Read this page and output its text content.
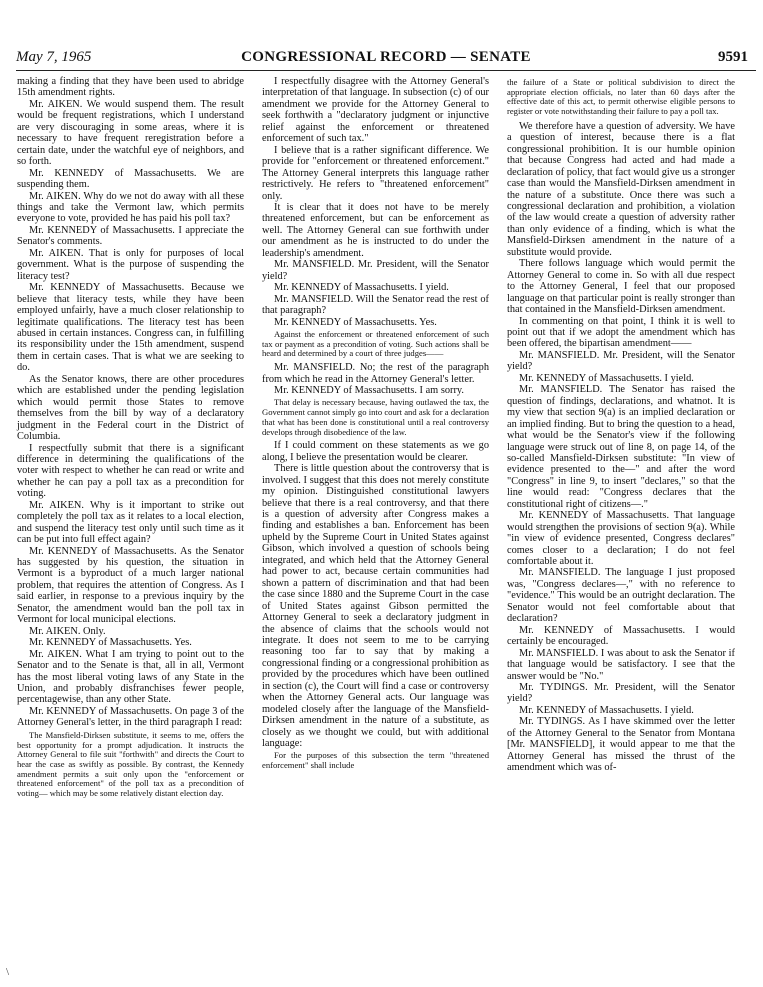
CONGRESSIONAL RECORD — SENATE
May 7, 1965	9591

making a finding that they have been used to abridge 15th amendment rights.

Mr. AIKEN. We would suspend them. The result would be frequent registrations, which I understand are very discouraging in some areas, where it is necessary to have frequent reregistration before a certain date, under the watchful eye of neighbors, and so forth.

Mr. KENNEDY of Massachusetts. We are suspending them.

Mr. AIKEN. Why do we not do away with all these things and take the Vermont law, which permits everyone to vote, provided he has paid his poll tax?

Mr. KENNEDY of Massachusetts. I appreciate the Senator's comments.

Mr. AIKEN. That is only for purposes of local government. What is the purpose of suspending the literacy test?

Mr. KENNEDY of Massachusetts. Because we believe that literacy tests, while they have been employed unfairly, have a much closer relationship to legitimate qualifications. The literacy test has been abused in certain instances. Congress can, in fulfilling its responsibility under the 15th amendment, suspend them in certain cases. That is what we are seeking to do.

As the Senator knows, there are other procedures which are established under the pending legislation which would permit those States to remove themselves from the bill by way of a declaratory judgment in the Federal court in the District of Columbia.

I respectfully submit that there is a significant difference in determining the qualifications of the voter with respect to whether he can read or write and whether he can pay a poll tax as a precondition for voting.

Mr. AIKEN. Why is it important to strike out completely the poll tax as it relates to a local election, and suspend the literacy test only until such time as it can be put into full effect again?

Mr. KENNEDY of Massachusetts. As the Senator has suggested by his question, the situation in Vermont is a byproduct of a much larger national problem, that requires the attention of Congress. As I said earlier, in response to a previous inquiry by the Senator, the amendment would ban the poll tax in Vermont for local municipal elections.

Mr. AIKEN. Only.

Mr. KENNEDY of Massachusetts. Yes.

Mr. AIKEN. What I am trying to point out to the Senator and to the Senate is that, all in all, Vermont has the most liberal voting laws of any State in the Union, and probably disfranchises fewer people, percentagewise, than any other State.

Mr. KENNEDY of Massachusetts. On page 3 of the Attorney General's letter, in the third paragraph I read:

The Mansfield-Dirksen substitute, it seems to me, offers the best opportunity for a prompt adjudication. It instructs the Attorney General to file suit "forthwith" and directs the Court to hear the case as swiftly as possible. By contrast, the Kennedy amendment permits a suit only upon the "enforcement or threatened enforcement" of the poll tax as a precondition of voting— which may be some relatively distant election day.

I respectfully disagree with the Attorney General's interpretation of that language. In subsection (c) of our amendment we provide for the Attorney General to seek forthwith a "declaratory judgment or injunctive relief against the enforcement or threatened enforcement of such tax."

I believe that is a rather significant difference. We provide for "enforcement or threatened enforcement." The Attorney General interprets this language rather restrictively. He refers to "threatened enforcement" only.

It is clear that it does not have to be merely threatened enforcement, but can be enforcement as well. The Attorney General can sue forthwith under our amendment as he is instructed to do under the leadership's amendment.

Mr. MANSFIELD. Mr. President, will the Senator yield?

Mr. KENNEDY of Massachusetts. I yield.

Mr. MANSFIELD. Will the Senator read the rest of that paragraph?

Mr. KENNEDY of Massachusetts. Yes.

Against the enforcement or threatened enforcement of such tax or payment as a precondition of voting. Such actions shall be heard and determined by a court of three judges——

Mr. MANSFIELD. No; the rest of the paragraph from which he read in the Attorney General's letter.

Mr. KENNEDY of Massachusetts. I am sorry.

That delay is necessary because, having outlawed the tax, the Government cannot simply go into court and ask for a declaration that what has been done is constitutional until a real controversy develops through disobedience of the law.

If I could comment on these statements as we go along, I believe the presentation would be clearer.

There is little question about the controversy that is involved. I suggest that this does not merely constitute my opinion. Distinguished constitutional lawyers believe that there is a real controversy, and that there is a question of adversity after Congress makes a finding and establishes a ban. Enforcement has been upheld by the Supreme Court in United States against Gibson, which involved a question of schools being integrated, and which held that the Attorney General had power to act, because certain communities had shown a pattern of discrimination and that had been the case since 1880 and the Supreme Court in the case of United States against Gibson permitted the Attorney General to seek a declaratory judgment in the absence of claims that the schools would not integrate. It does not seem to me to be carrying reasoning too far to say that by making a congressional finding or a congressional prohibition as provided by the procedures which have been outlined in section (c), the Court will find a case or controversy when the Attorney General acts. Our language was modeled closely after the language of the Mansfield-Dirksen amendment in the nature of a substitute, as closely as we thought we could, but with additional language:

For the purposes of this subsection the term "threatened enforcement" shall include

the failure of a State or political subdivision to direct the appropriate election officials, no later than 60 days after the effective date of this act, to permit otherwise eligible persons to register or vote notwithstanding their failure to pay a poll tax.

We therefore have a question of adversity. We have a question of interest, because there is a flat congressional prohibition. It is our humble opinion that because Congress had acted and had made a declaration of policy, that fact would give us a stronger case than would the Mansfield-Dirksen amendment in the nature of a substitute. Once there was such a congressional declaration and prohibition, a violation of the law would create a question of adversity rather than only evidence of a finding, which is what the Mansfield-Dirksen amendment in the nature of a substitute would provide.

There follows language which would permit the Attorney General to come in. So with all due respect to the Attorney General, I feel that our proposed language on that particular point is really stronger than that contained in the Mansfield-Dirksen amendment.

In commenting on that point, I think it is well to point out that if we adopt the amendment which has been offered, the bipartisan amendment——

Mr. MANSFIELD. Mr. President, will the Senator yield?

Mr. KENNEDY of Massachusetts. I yield.

Mr. MANSFIELD. The Senator has raised the question of findings, declarations, and whatnot. It is my view that section 9(a) is an implied declaration or an implied finding. But to bring the question to a head, what would be the Senator's view if the following language were struck out of line 8, on page 14, of the so-called Mansfield-Dirksen substitute: "In view of evidence presented to the—" and after the word "Congress" in line 9, to insert "declares," so that the line would read: "Congress declares that the constitutional right of citizens—."

Mr. KENNEDY of Massachusetts. That language would strengthen the provisions of section 9(a). While "in view of evidence presented, Congress declares" comes closer to a declaration; I do not feel comfortable about it.

Mr. MANSFIELD. The language I just proposed was, "Congress declares—," with no reference to "evidence." This would be an outright declaration. The Senator would not feel comfortable about that declaration?

Mr. KENNEDY of Massachusetts. I would certainly be encouraged.

Mr. MANSFIELD. I was about to ask the Senator if that language would be satisfactory. I see that the answer would be "No."

Mr. TYDINGS. Mr. President, will the Senator yield?

Mr. KENNEDY of Massachusetts. I yield.

Mr. TYDINGS. As I have skimmed over the letter of the Attorney General to the Senator from Montana [Mr. MANSFIELD], it would appear to me that the Attorney General has missed the thrust of the amendment which was of-

\
